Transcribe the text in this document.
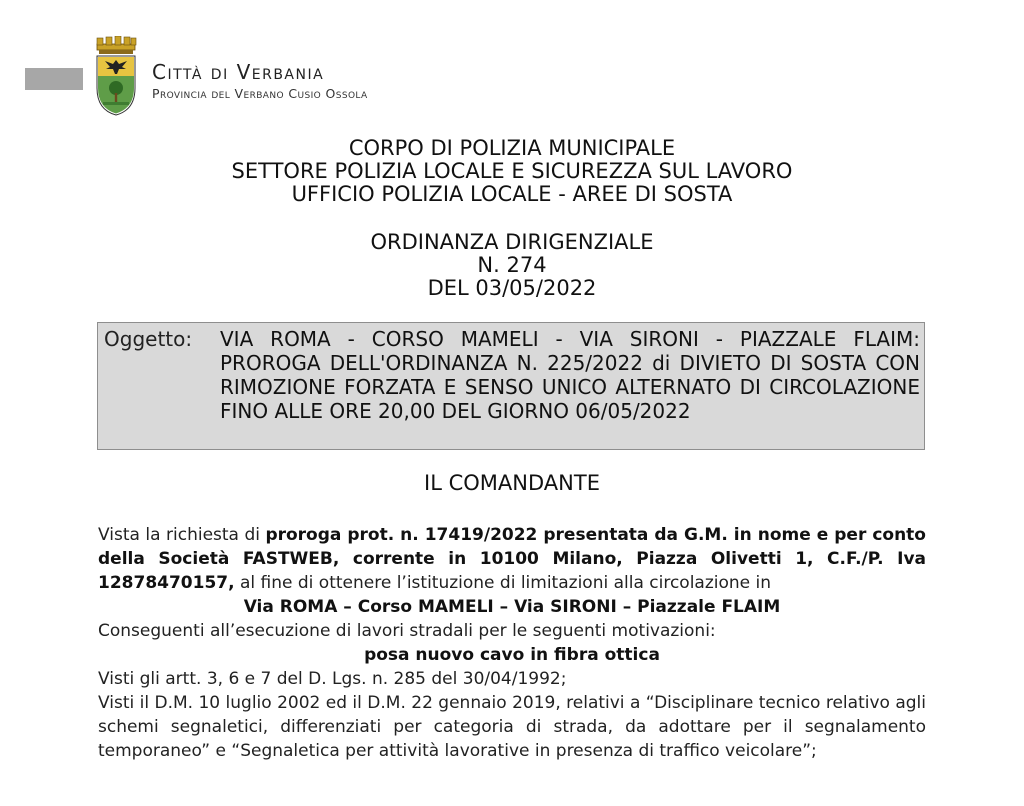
Città di Verbania
Provincia del Verbano Cusio Ossola
CORPO DI POLIZIA MUNICIPALE
SETTORE POLIZIA LOCALE E SICUREZZA SUL LAVORO
UFFICIO POLIZIA LOCALE - AREE DI SOSTA
ORDINANZA DIRIGENZIALE
N. 274
DEL 03/05/2022
Oggetto: VIA ROMA - CORSO MAMELI - VIA SIRONI - PIAZZALE FLAIM: PROROGA DELL'ORDINANZA N. 225/2022 di DIVIETO DI SOSTA CON RIMOZIONE FORZATA E SENSO UNICO ALTERNATO DI CIRCOLAZIONE FINO ALLE ORE 20,00 DEL GIORNO 06/05/2022
IL COMANDANTE

Vista la richiesta di proroga prot. n. 17419/2022 presentata da G.M. in nome e per conto della Società FASTWEB, corrente in 10100 Milano, Piazza Olivetti 1, C.F./P. Iva 12878470157, al fine di ottenere l’istituzione di limitazioni alla circolazione in

Via ROMA – Corso MAMELI – Via SIRONI – Piazzale FLAIM

Conseguenti all’esecuzione di lavori stradali per le seguenti motivazioni:

posa nuovo cavo in fibra ottica

Visti gli artt. 3, 6 e 7 del D. Lgs. n. 285 del 30/04/1992;

Visti il D.M. 10 luglio 2002 ed il D.M. 22 gennaio 2019, relativi a “Disciplinare tecnico relativo agli schemi segnaletici, differenziati per categoria di strada, da adottare per il segnalamento temporaneo” e “Segnaletica per attività lavorative in presenza di traffico veicolare”;
